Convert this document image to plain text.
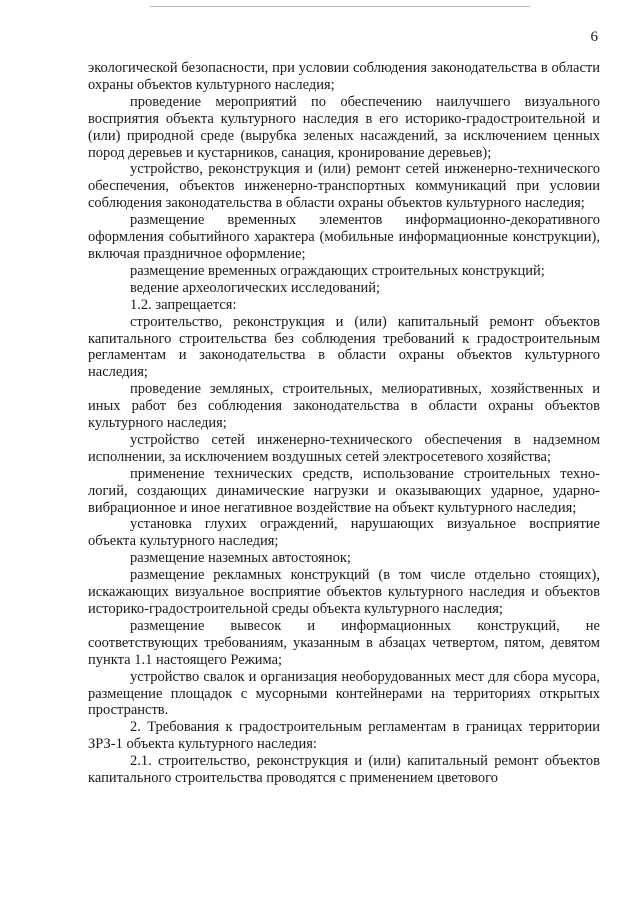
6

экологической безопасности, при условии соблюдения законодательства в области охраны объектов культурного наследия;

проведение мероприятий по обеспечению наилучшего визуального восприятия объекта культурного наследия в его историко-градостроительной и (или) природной среде (вырубка зеленых насаждений, за исключением ценных пород деревьев и кустарников, санация, кронирование деревьев);

устройство, реконструкция и (или) ремонт сетей инженерно-технического обеспечения, объектов инженерно-транспортных коммуникаций при условии соблюдения законодательства в области охраны объектов культурного наследия;

размещение временных элементов информационно-декоративного оформления событийного характера (мобильные информационные конструкции), включая праздничное оформление;

размещение временных ограждающих строительных конструкций;

ведение археологических исследований;

1.2. запрещается:

строительство, реконструкция и (или) капитальный ремонт объектов капитального строительства без соблюдения требований к градостроительным регламентам и законодательства в области охраны объектов культурного наследия;

проведение земляных, строительных, мелиоративных, хозяйственных и иных работ без соблюдения законодательства в области охраны объектов культурного наследия;

устройство сетей инженерно-технического обеспечения в надземном исполнении, за исключением воздушных сетей электросетевого хозяйства;

применение технических средств, использование строительных технологий, создающих динамические нагрузки и оказывающих ударное, ударно-вибрационное и иное негативное воздействие на объект культурного наследия;

установка глухих ограждений, нарушающих визуальное восприятие объекта культурного наследия;

размещение наземных автостоянок;

размещение рекламных конструкций (в том числе отдельно стоящих), искажающих визуальное восприятие объектов культурного наследия и объектов историко-градостроительной среды объекта культурного наследия;

размещение вывесок и информационных конструкций, не соответствующих требованиям, указанным в абзацах четвертом, пятом, девятом пункта 1.1 настоящего Режима;

устройство свалок и организация необорудованных мест для сбора мусора, размещение площадок с мусорными контейнерами на территориях открытых пространств.

2. Требования к градостроительным регламентам в границах территории ЗРЗ-1 объекта культурного наследия:

2.1. строительство, реконструкция и (или) капитальный ремонт объектов капитального строительства проводятся с применением цветового
